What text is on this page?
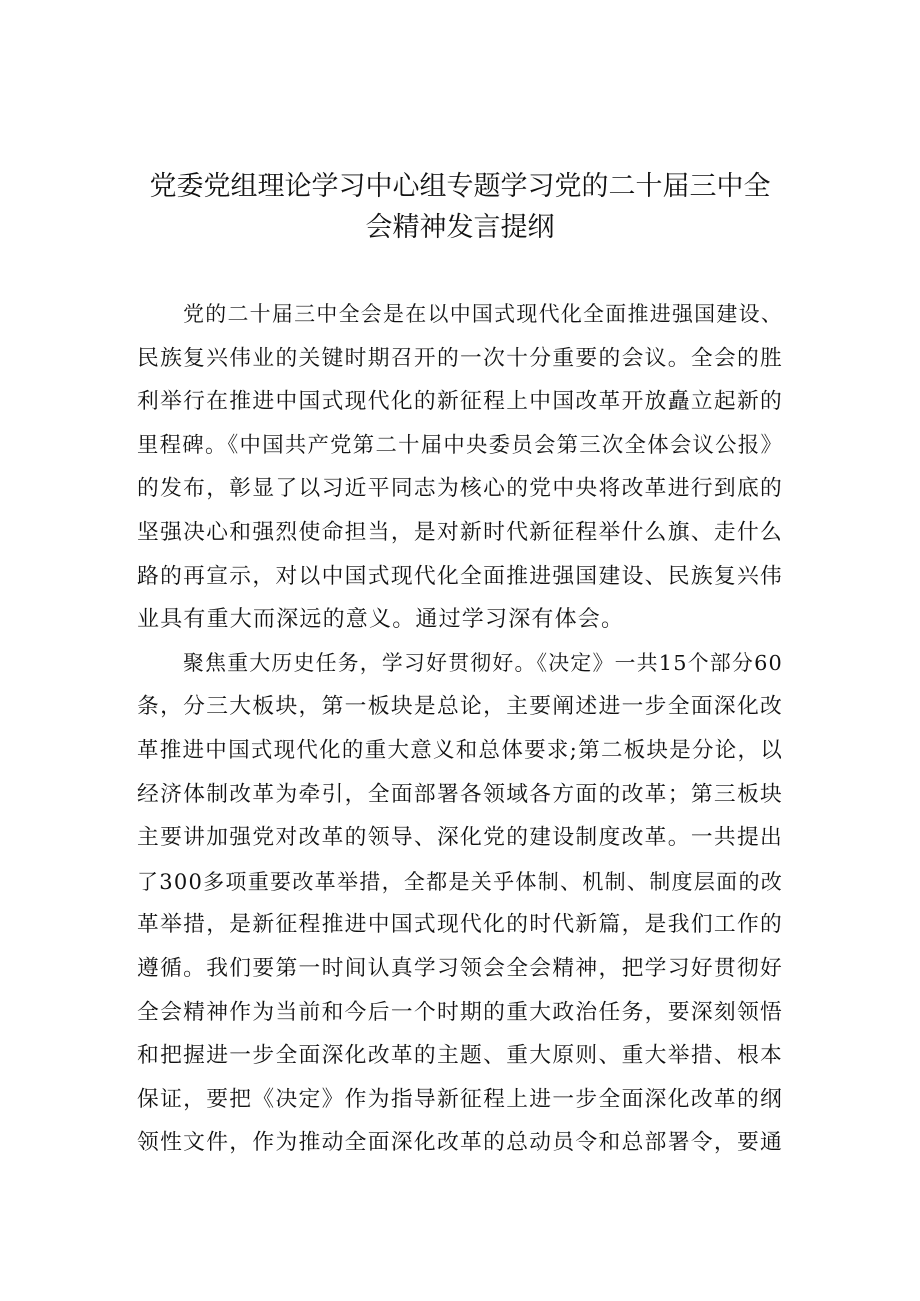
党委党组理论学习中心组专题学习党的二十届三中全
会精神发言提纲
党的二十届三中全会是在以中国式现代化全面推进强国建设、
民族复兴伟业的关键时期召开的一次十分重要的会议。全会的胜
利举行在推进中国式现代化的新征程上中国改革开放矗立起新的
里程碑。《中国共产党第二十届中央委员会第三次全体会议公报》
的发布，彰显了以习近平同志为核心的党中央将改革进行到底的
坚强决心和强烈使命担当，是对新时代新征程举什么旗、走什么
路的再宣示，对以中国式现代化全面推进强国建设、民族复兴伟
业具有重大而深远的意义。通过学习深有体会。
聚焦重大历史任务，学习好贯彻好。《决定》一共15个部分60
条，分三大板块，第一板块是总论，主要阐述进一步全面深化改
革推进中国式现代化的重大意义和总体要求;第二板块是分论，以
经济体制改革为牵引，全面部署各领域各方面的改革；第三板块
主要讲加强党对改革的领导、深化党的建设制度改革。一共提出
了300多项重要改革举措，全都是关乎体制、机制、制度层面的改
革举措，是新征程推进中国式现代化的时代新篇，是我们工作的
遵循。我们要第一时间认真学习领会全会精神，把学习好贯彻好
全会精神作为当前和今后一个时期的重大政治任务，要深刻领悟
和把握进一步全面深化改革的主题、重大原则、重大举措、根本
保证，要把《决定》作为指导新征程上进一步全面深化改革的纲
领性文件，作为推动全面深化改革的总动员令和总部署令，要通
